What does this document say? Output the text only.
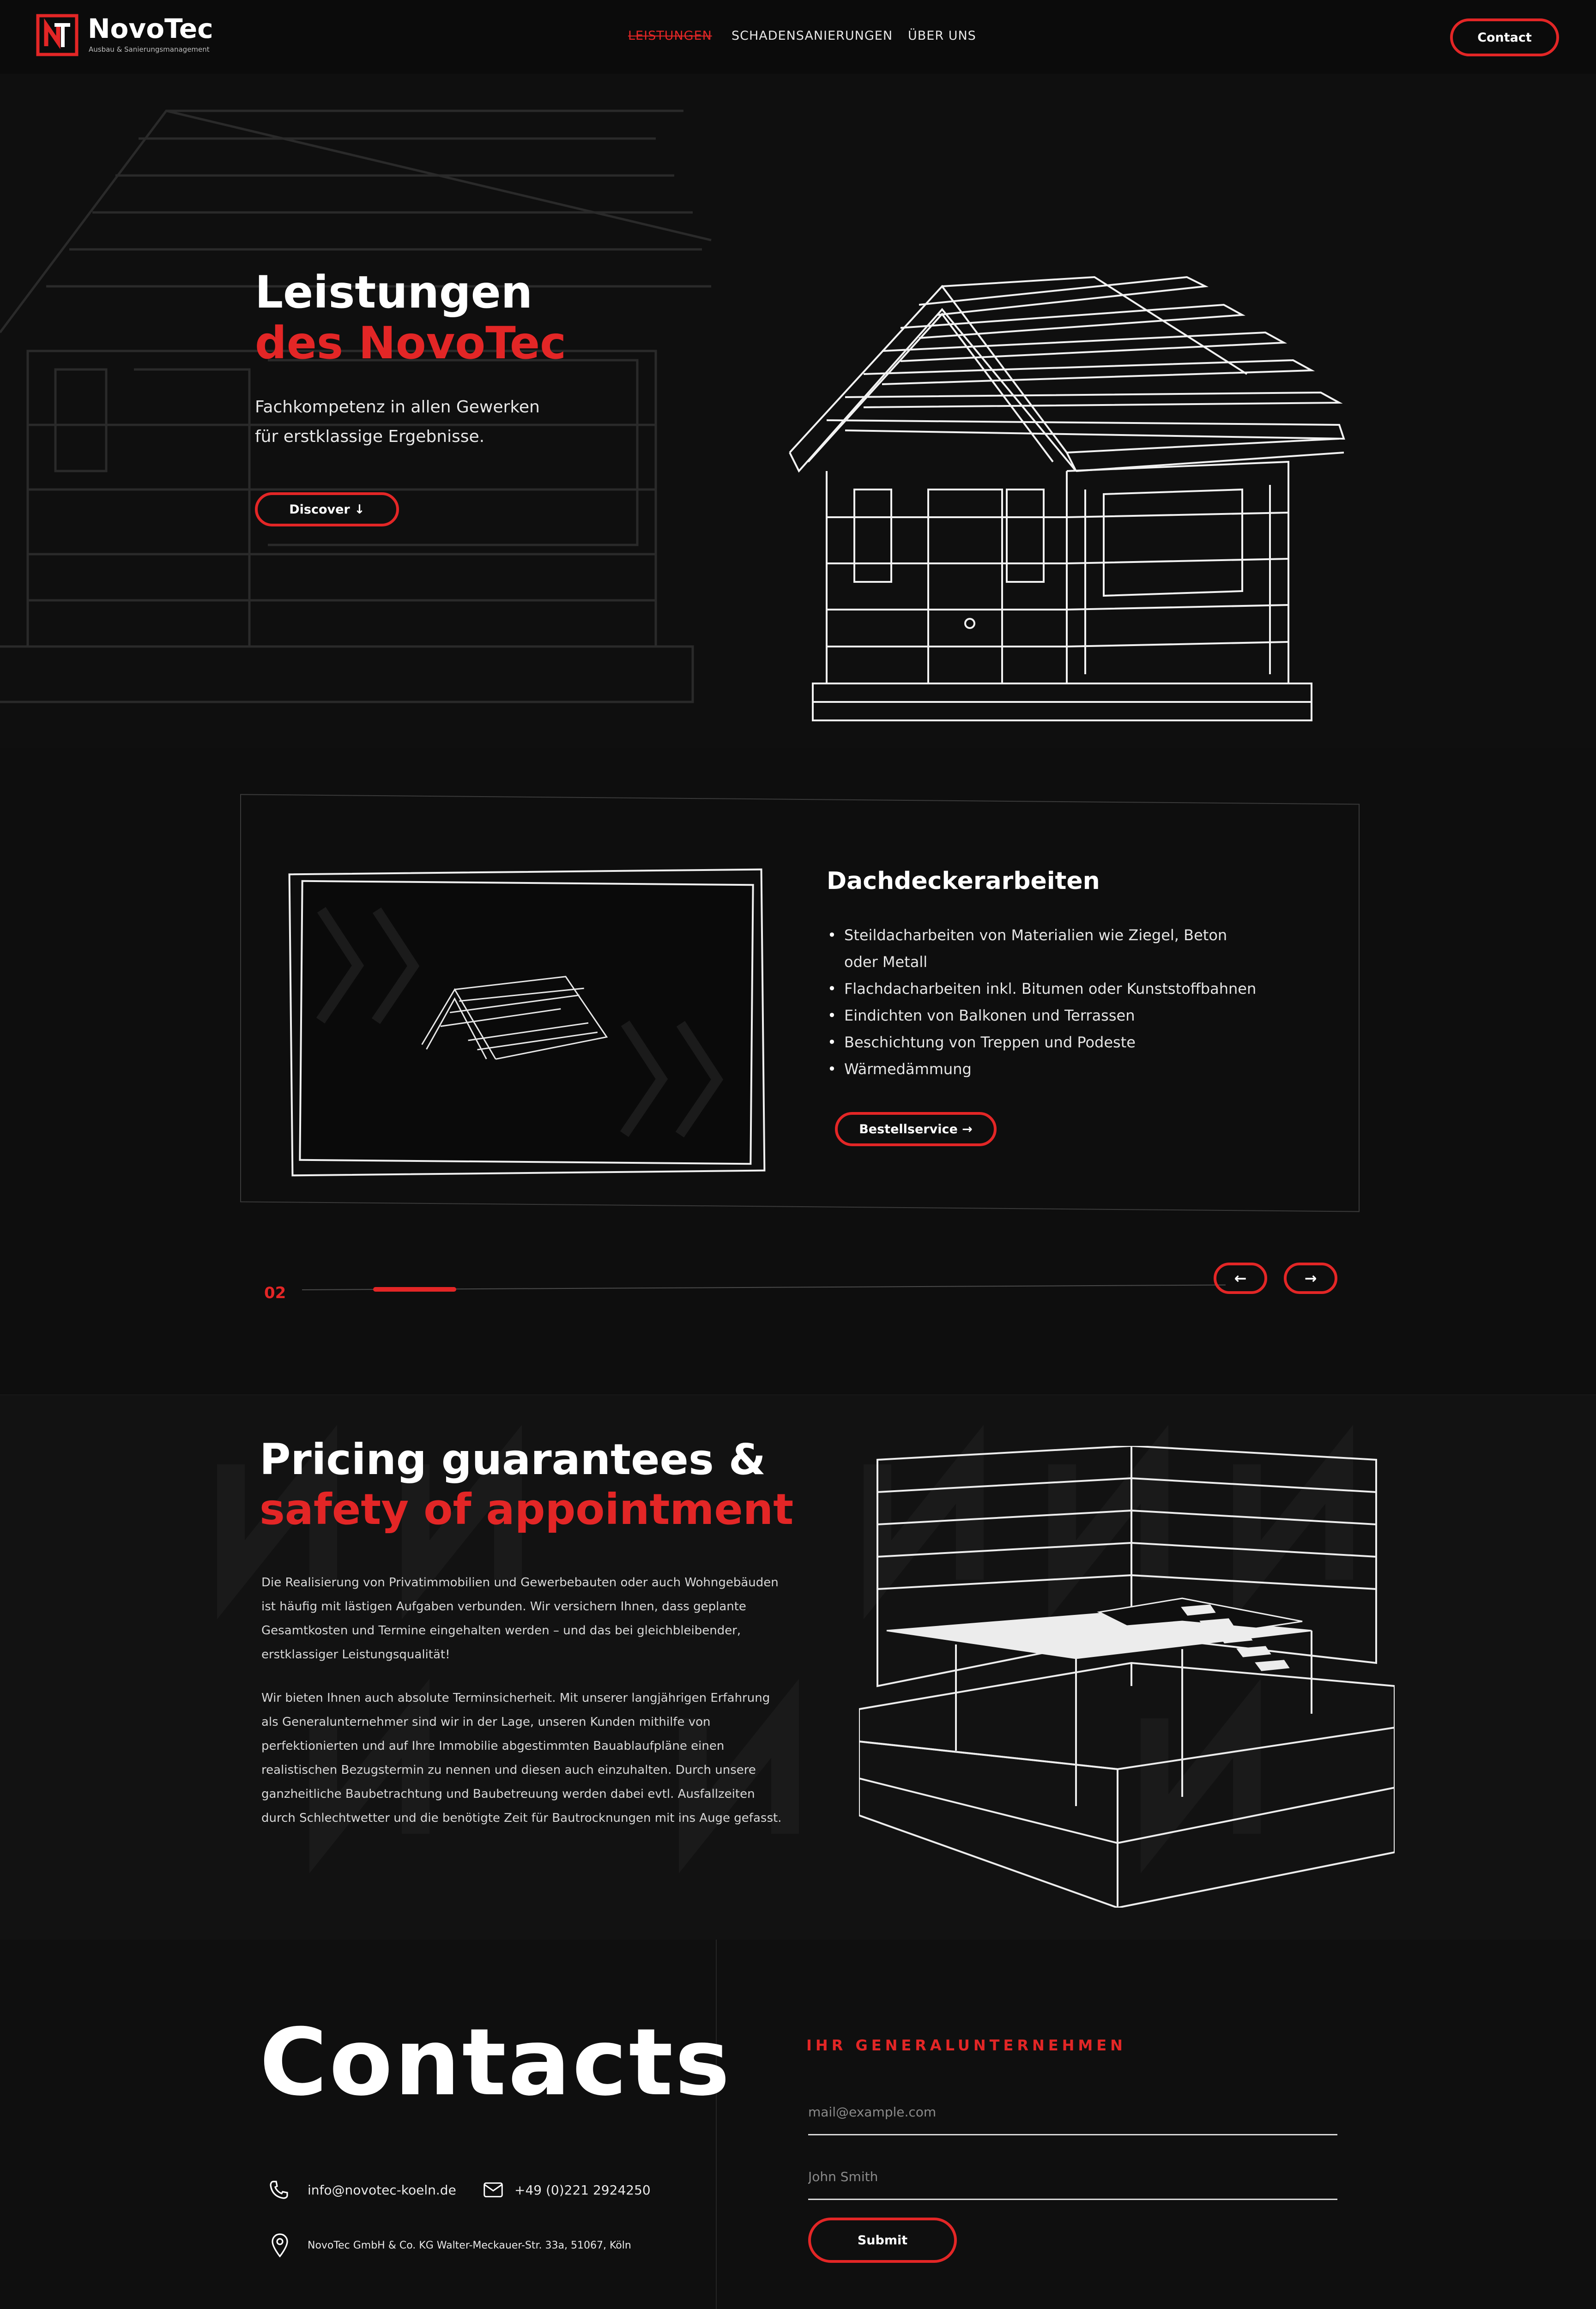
NovoTec
Ausbau & Sanierungsmanagement
LEISTUNGEN SCHADENSANIERUNGEN ÜBER UNS	Contact
Leistungen
des NovoTec
Fachkompetenz in allen Gewerken
für erstklassige Ergebnisse.
Discover ↓
Dachdeckerarbeiten
• Steildacharbeiten von Materialien wie Ziegel, Beton
oder Metall
• Flachdacharbeiten inkl. Bitumen oder Kunststoffbahnen
• Eindichten von Balkonen und Terrassen
• Beschichtung von Treppen und Podeste
• Wärmedämmung
Bestellservice →
02
←	→
Pricing guarantees &
safety of appointment
Die Realisierung von Privatimmobilien und Gewerbebauten oder auch Wohngebäuden
ist häufig mit lästigen Aufgaben verbunden. Wir versichern Ihnen, dass geplante
Gesamtkosten und Termine eingehalten werden – und das bei gleichbleibender,
erstklassiger Leistungsqualität!
Wir bieten Ihnen auch absolute Terminsicherheit. Mit unserer langjährigen Erfahrung
als Generalunternehmer sind wir in der Lage, unseren Kunden mithilfe von
perfektionierten und auf Ihre Immobilie abgestimmten Bauablaufpläne einen
realistischen Bezugstermin zu nennen und diesen auch einzuhalten. Durch unsere
ganzheitliche Baubetrachtung und Baubetreuung werden dabei evtl. Ausfallzeiten
durch Schlechtwetter und die benötigte Zeit für Bautrocknungen mit ins Auge gefasst.
Contacts
info@novotec-koeln.de	+49 (0)221 2924250
NovoTec GmbH & Co. KG Walter-Meckauer-Str. 33a, 51067, Köln
IHR GENERALUNTERNEHMEN
mail@example.com
John Smith
Submit
